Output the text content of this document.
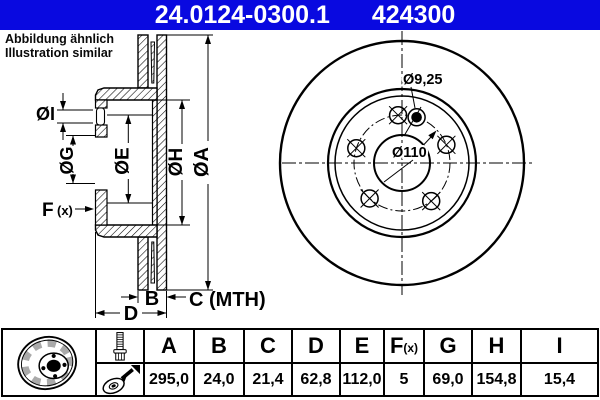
24.0124-0300.1 424300
Abbildung ähnlich
Illustration similar
ØI
ØG ØE ØH ØA
F (x)
B C (MTH)
D
Ø9,25
Ø110
A B C D E F (x) G H I
295,0 24,0	21,4	62,8 112,0	5	69,0 154,8	15,4
